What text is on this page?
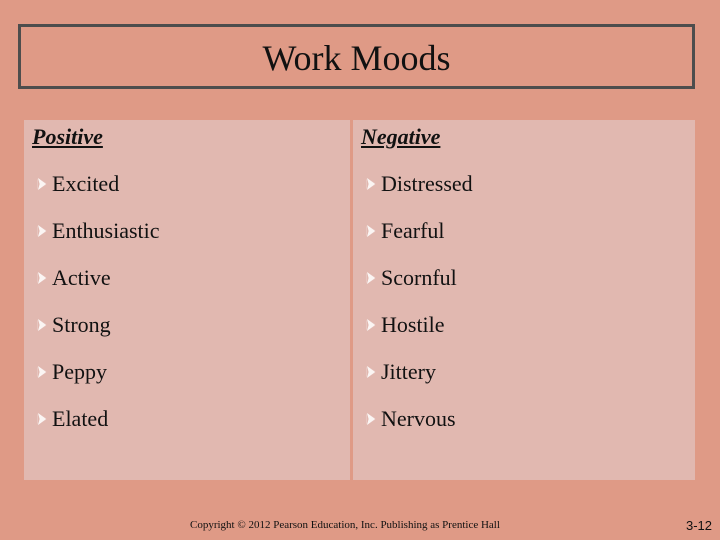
Work Moods
Positive
Excited
Enthusiastic
Active
Strong
Peppy
Elated
Negative
Distressed
Fearful
Scornful
Hostile
Jittery
Nervous
Copyright © 2012 Pearson Education, Inc. Publishing as Prentice Hall	3-12
